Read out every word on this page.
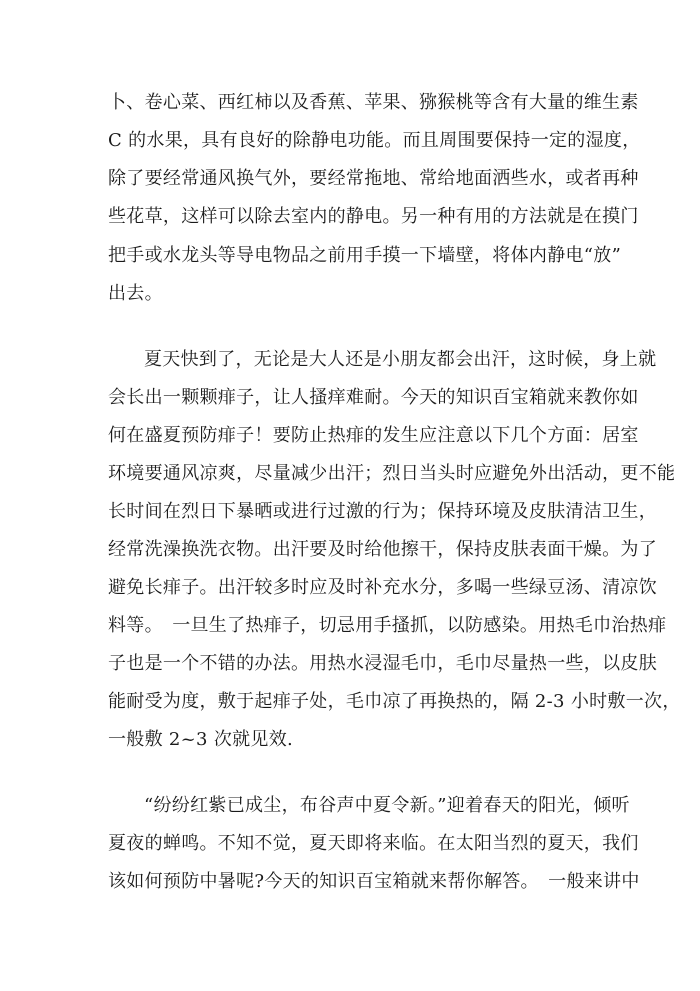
卜、卷心菜、西红柿以及香蕉、苹果、猕猴桃等含有大量的维生素
C 的水果，具有良好的除静电功能。而且周围要保持一定的湿度，
除了要经常通风换气外，要经常拖地、常给地面洒些水，或者再种
些花草，这样可以除去室内的静电。另一种有用的方法就是在摸门
把手或水龙头等导电物品之前用手摸一下墙壁，将体内静电“放”
出去。
夏天快到了，无论是大人还是小朋友都会出汗，这时候，身上就
会长出一颗颗痱子，让人搔痒难耐。今天的知识百宝箱就来教你如
何在盛夏预防痱子！要防止热痱的发生应注意以下几个方面：居室
环境要通风凉爽，尽量减少出汗；烈日当头时应避免外出活动，更不能
长时间在烈日下暴晒或进行过激的行为；保持环境及皮肤清洁卫生，
经常洗澡换洗衣物。出汗要及时给他擦干，保持皮肤表面干燥。为了
避免长痱子。出汗较多时应及时补充水分，多喝一些绿豆汤、清凉饮
料等。　一旦生了热痱子，切忌用手搔抓，以防感染。用热毛巾治热痱
子也是一个不错的办法。用热水浸湿毛巾，毛巾尽量热一些，以皮肤
能耐受为度，敷于起痱子处，毛巾凉了再换热的，隔 2-3 小时敷一次，
一般敷 2~3 次就见效.
“纷纷红紫已成尘，布谷声中夏令新。”迎着春天的阳光，倾听
夏夜的蝉鸣。不知不觉，夏天即将来临。在太阳当烈的夏天，我们
该如何预防中暑呢?今天的知识百宝箱就来帮你解答。　一般来讲中
